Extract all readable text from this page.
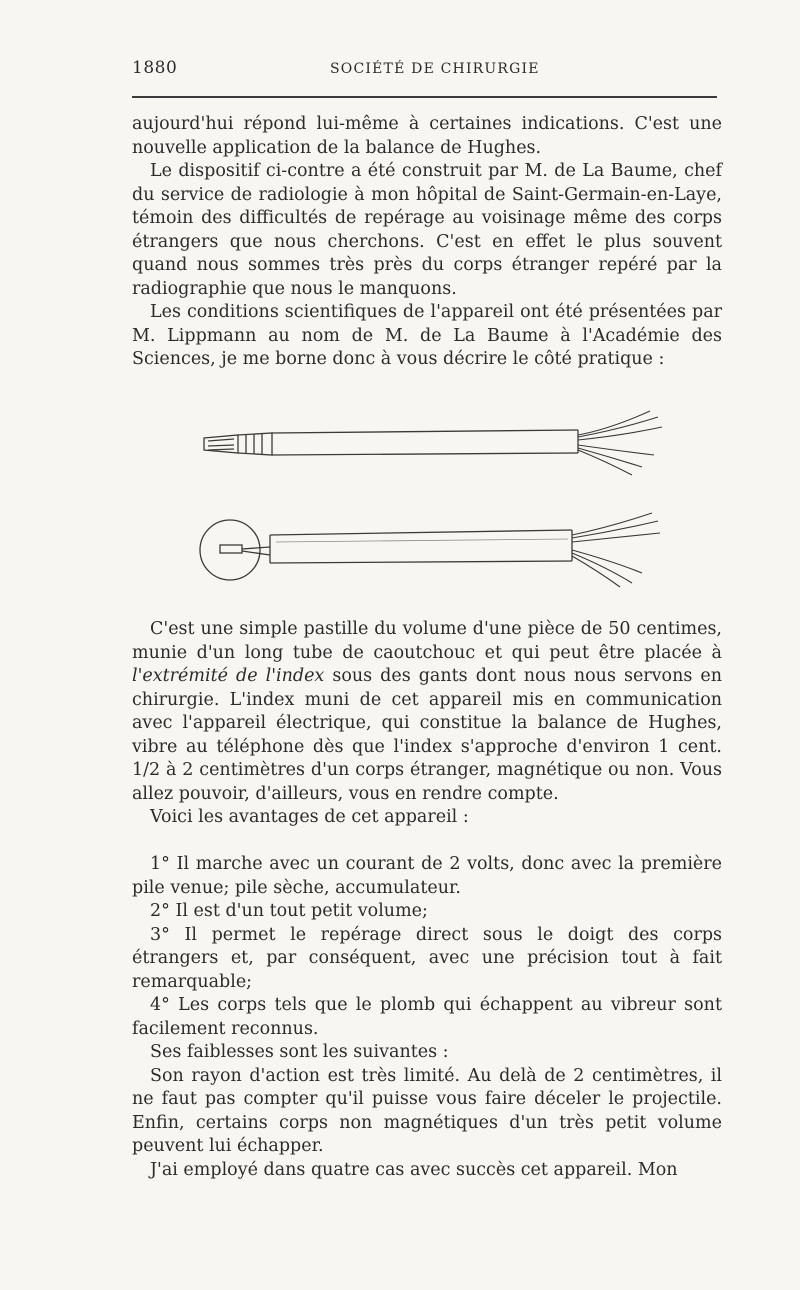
1880	SOCIÉTÉ DE CHIRURGIE

aujourd'hui répond lui-même à certaines indications. C'est une nouvelle application de la balance de Hughes.

Le dispositif ci-contre a été construit par M. de La Baume, chef du service de radiologie à mon hôpital de Saint-Germain-en-Laye, témoin des difficultés de repérage au voisinage même des corps étrangers que nous cherchons. C'est en effet le plus souvent quand nous sommes très près du corps étranger repéré par la radiographie que nous le manquons.

Les conditions scientifiques de l'appareil ont été présentées par M. Lippmann au nom de M. de La Baume à l'Académie des Sciences, je me borne donc à vous décrire le côté pratique :

C'est une simple pastille du volume d'une pièce de 50 centimes, munie d'un long tube de caoutchouc et qui peut être placée à l'extrémité de l'index sous des gants dont nous nous servons en chirurgie. L'index muni de cet appareil mis en communication avec l'appareil électrique, qui constitue la balance de Hughes, vibre au téléphone dès que l'index s'approche d'environ 1 cent. 1/2 à 2 centimètres d'un corps étranger, magnétique ou non. Vous allez pouvoir, d'ailleurs, vous en rendre compte.

Voici les avantages de cet appareil :

1° Il marche avec un courant de 2 volts, donc avec la première pile venue; pile sèche, accumulateur.

2° Il est d'un tout petit volume;

3° Il permet le repérage direct sous le doigt des corps étrangers et, par conséquent, avec une précision tout à fait remarquable;

4° Les corps tels que le plomb qui échappent au vibreur sont facilement reconnus.

Ses faiblesses sont les suivantes :

Son rayon d'action est très limité. Au delà de 2 centimètres, il ne faut pas compter qu'il puisse vous faire déceler le projectile. Enfin, certains corps non magnétiques d'un très petit volume peuvent lui échapper.

J'ai employé dans quatre cas avec succès cet appareil. Mon
